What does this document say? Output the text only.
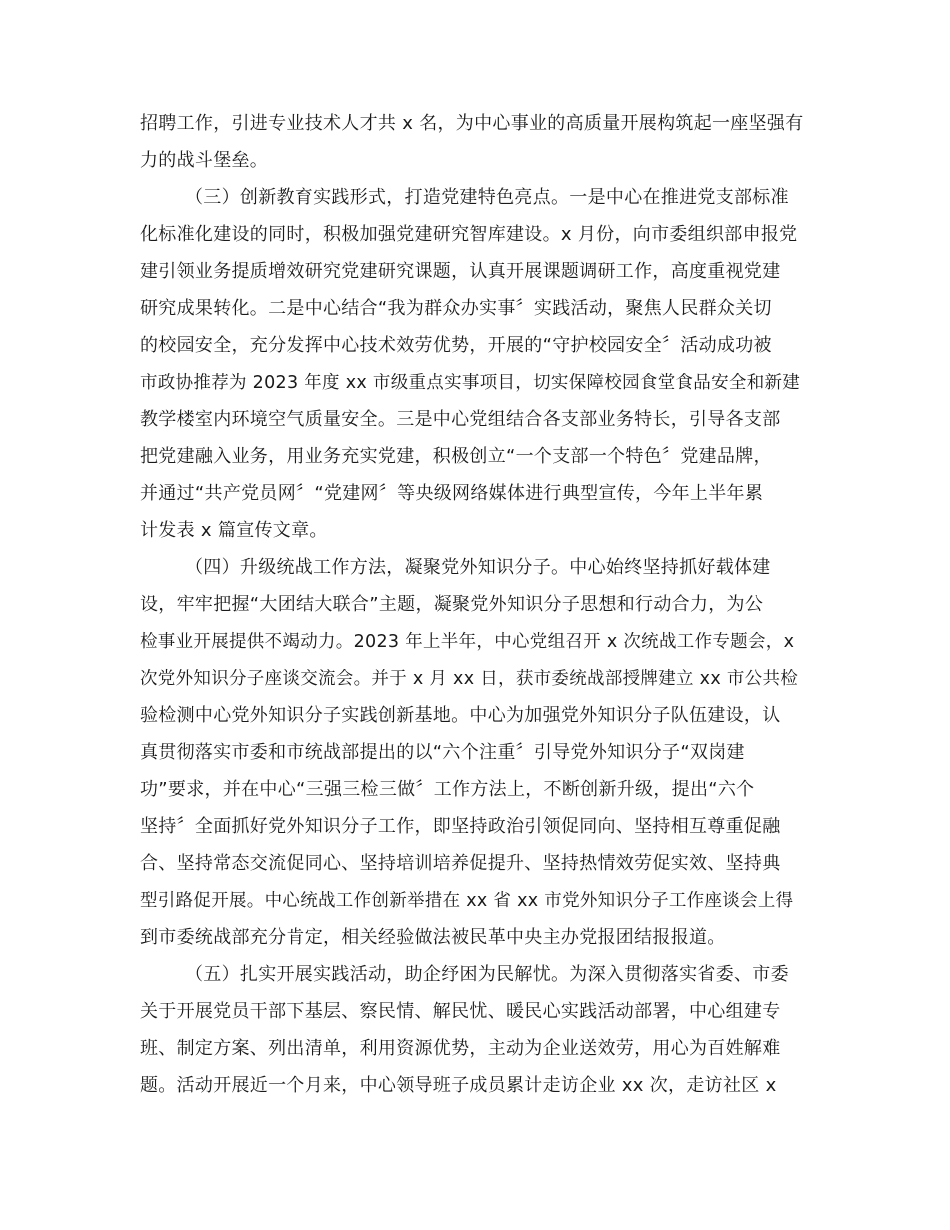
招聘工作，引进专业技术人才共 x 名，为中心事业的高质量开展构筑起一座坚强有
力的战斗堡垒。
（三）创新教育实践形式，打造党建特色亮点。一是中心在推进党支部标准
化标准化建设的同时，积极加强党建研究智库建设。x 月份，向市委组织部申报党
建引领业务提质增效研究党建研究课题，认真开展课题调研工作，高度重视党建
研究成果转化。二是中心结合“我为群众办实事〞实践活动，聚焦人民群众关切
的校园安全，充分发挥中心技术效劳优势，开展的“守护校园安全〞活动成功被
市政协推荐为 2023 年度 xx 市级重点实事项目，切实保障校园食堂食品安全和新建
教学楼室内环境空气质量安全。三是中心党组结合各支部业务特长，引导各支部
把党建融入业务，用业务充实党建，积极创立“一个支部一个特色〞党建品牌，
并通过“共产党员网〞“党建网〞等央级网络媒体进行典型宣传，今年上半年累
计发表 x 篇宣传文章。
（四）升级统战工作方法，凝聚党外知识分子。中心始终坚持抓好载体建
设，牢牢把握“大团结大联合”主题，凝聚党外知识分子思想和行动合力，为公
检事业开展提供不竭动力。2023 年上半年，中心党组召开 x 次统战工作专题会，x
次党外知识分子座谈交流会。并于 x 月 xx 日，获市委统战部授牌建立 xx 市公共检
验检测中心党外知识分子实践创新基地。中心为加强党外知识分子队伍建设，认
真贯彻落实市委和市统战部提出的以“六个注重〞引导党外知识分子“双岗建
功”要求，并在中心“三强三检三做〞工作方法上，不断创新升级，提出“六个
坚持〞全面抓好党外知识分子工作，即坚持政治引领促同向、坚持相互尊重促融
合、坚持常态交流促同心、坚持培训培养促提升、坚持热情效劳促实效、坚持典
型引路促开展。中心统战工作创新举措在 xx 省 xx 市党外知识分子工作座谈会上得
到市委统战部充分肯定，相关经验做法被民革中央主办党报团结报报道。
（五）扎实开展实践活动，助企纾困为民解忧。为深入贯彻落实省委、市委
关于开展党员干部下基层、察民情、解民忧、暖民心实践活动部署，中心组建专
班、制定方案、列出清单，利用资源优势，主动为企业送效劳，用心为百姓解难
题。活动开展近一个月来，中心领导班子成员累计走访企业 xx 次，走访社区 x
